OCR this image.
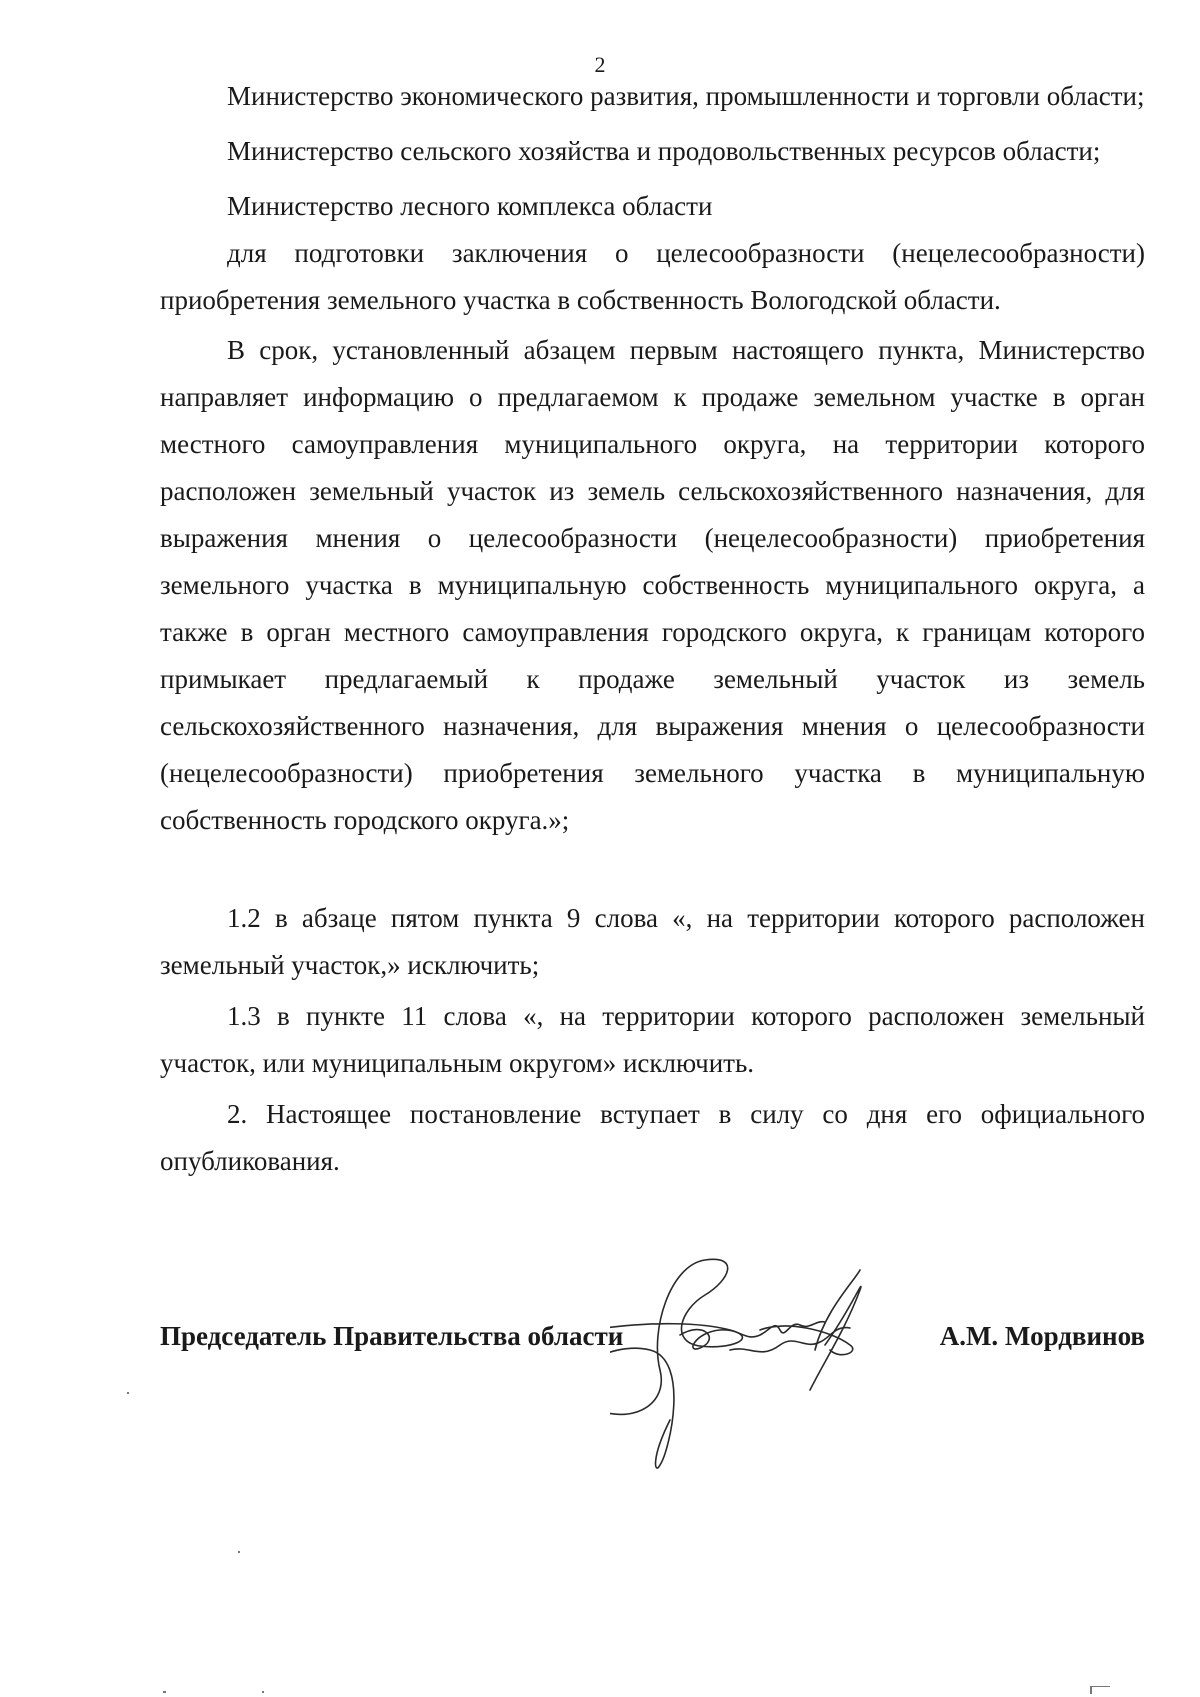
2

Министерство экономического развития, промышленности и торговли области;

Министерство сельского хозяйства и продовольственных ресурсов области;

Министерство лесного комплекса области

для подготовки заключения о целесообразности (нецелесообразности) приобретения земельного участка в собственность Вологодской области.

В срок, установленный абзацем первым настоящего пункта, Министерство направляет информацию о предлагаемом к продаже земельном участке в орган местного самоуправления муниципального округа, на территории которого расположен земельный участок из земель сельскохозяйственного назначения, для выражения мнения о целесообразности (нецелесообразности) приобретения земельного участка в муниципальную собственность муниципального округа, а также в орган местного самоуправления городского округа, к границам которого примыкает предлагаемый к продаже земельный участок из земель сельскохозяйственного назначения, для выражения мнения о целесообразности (нецелесообразности) приобретения земельного участка в муниципальную собственность городского округа.»;

1.2 в абзаце пятом пункта 9 слова «, на территории которого расположен земельный участок,» исключить;

1.3 в пункте 11 слова «, на территории которого расположен земельный участок, или муниципальным округом» исключить.

2. Настоящее постановление вступает в силу со дня его официального опубликования.

Председатель Правительства области	А.М. Мордвинов
